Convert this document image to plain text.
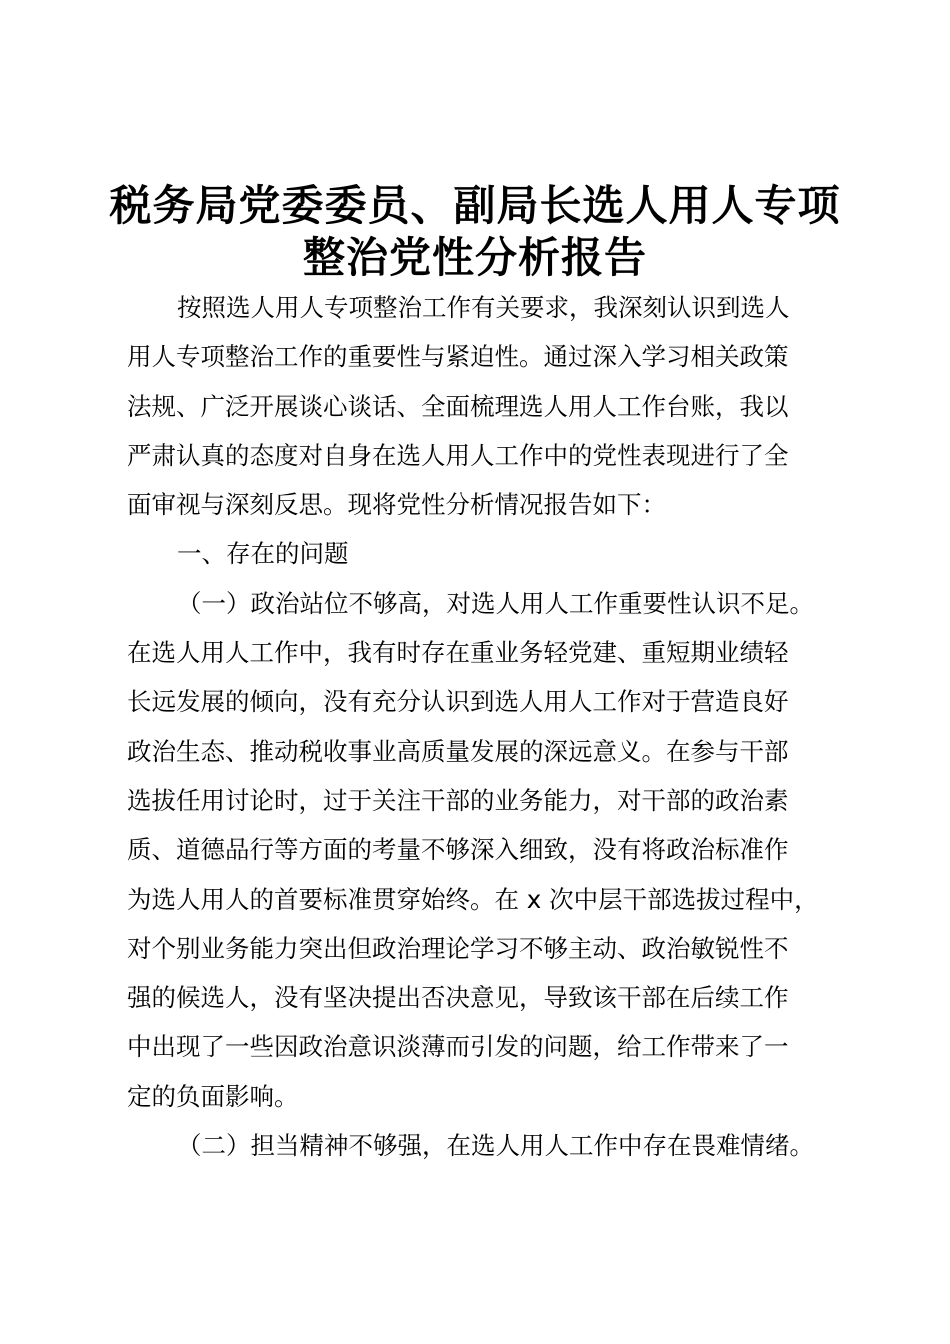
税务局党委委员、副局长选人用人专项
整治党性分析报告
按照选人用人专项整治工作有关要求，我深刻认识到选人
用人专项整治工作的重要性与紧迫性。通过深入学习相关政策
法规、广泛开展谈心谈话、全面梳理选人用人工作台账，我以
严肃认真的态度对自身在选人用人工作中的党性表现进行了全
面审视与深刻反思。现将党性分析情况报告如下：
一、存在的问题
（一）政治站位不够高，对选人用人工作重要性认识不足。
在选人用人工作中，我有时存在重业务轻党建、重短期业绩轻
长远发展的倾向，没有充分认识到选人用人工作对于营造良好
政治生态、推动税收事业高质量发展的深远意义。在参与干部
选拔任用讨论时，过于关注干部的业务能力，对干部的政治素
质、道德品行等方面的考量不够深入细致，没有将政治标准作
为选人用人的首要标准贯穿始终。在 x 次中层干部选拔过程中，
对个别业务能力突出但政治理论学习不够主动、政治敏锐性不
强的候选人，没有坚决提出否决意见，导致该干部在后续工作
中出现了一些因政治意识淡薄而引发的问题，给工作带来了一
定的负面影响。
（二）担当精神不够强，在选人用人工作中存在畏难情绪。
